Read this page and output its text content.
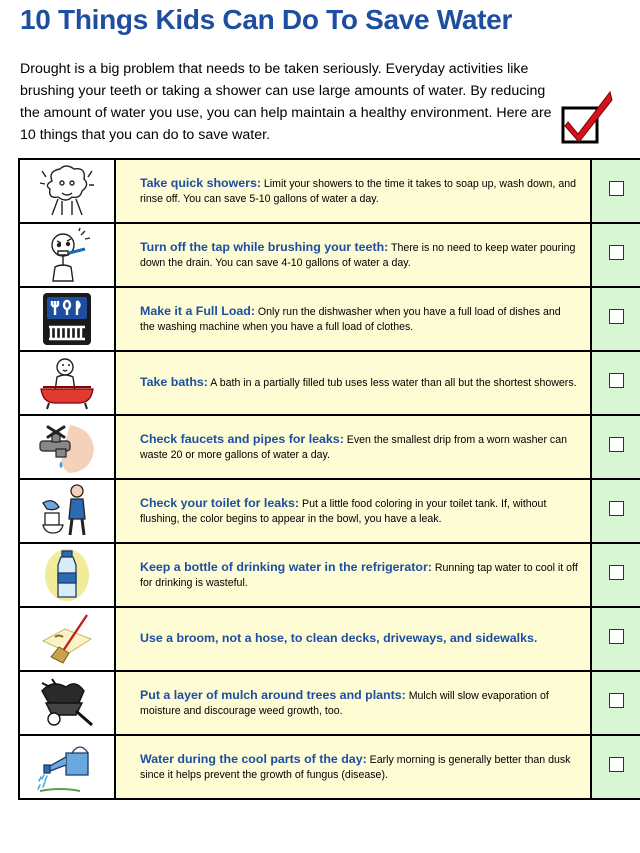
10 Things Kids Can Do To Save Water
Drought is a big problem that needs to be taken seriously. Everyday activities like brushing your teeth or taking a shower can use large amounts of water. By reducing the amount of water you use, you can help maintain a healthy environment. Here are 10 things that you can do to save water.
	Take quick showers: Limit your showers to the time it takes to soap up, wash down, and rinse off. You can save 5-10 gallons of water a day.	

	Turn off the tap while brushing your teeth: There is no need to keep water pouring down the drain. You can save 4-10 gallons of water a day.	

	Make it a Full Load: Only run the dishwasher when you have a full load of dishes and the washing machine when you have a full load of clothes.	

	Take baths: A bath in a partially filled tub uses less water than all but the shortest showers.	

	Check faucets and pipes for leaks: Even the smallest drip from a worn washer can waste 20 or more gallons of water a day.	

	Check your toilet for leaks: Put a little food coloring in your toilet tank. If, without flushing, the color begins to appear in the bowl, you have a leak.	

	Keep a bottle of drinking water in the refrigerator: Running tap water to cool it off for drinking is wasteful.	

	Use a broom, not a hose, to clean decks, driveways, and sidewalks.	

	Put a layer of mulch around trees and plants: Mulch will slow evaporation of moisture and discourage weed growth, too.	

	Water during the cool parts of the day: Early morning is generally better than dusk since it helps prevent the growth of fungus (disease).	
